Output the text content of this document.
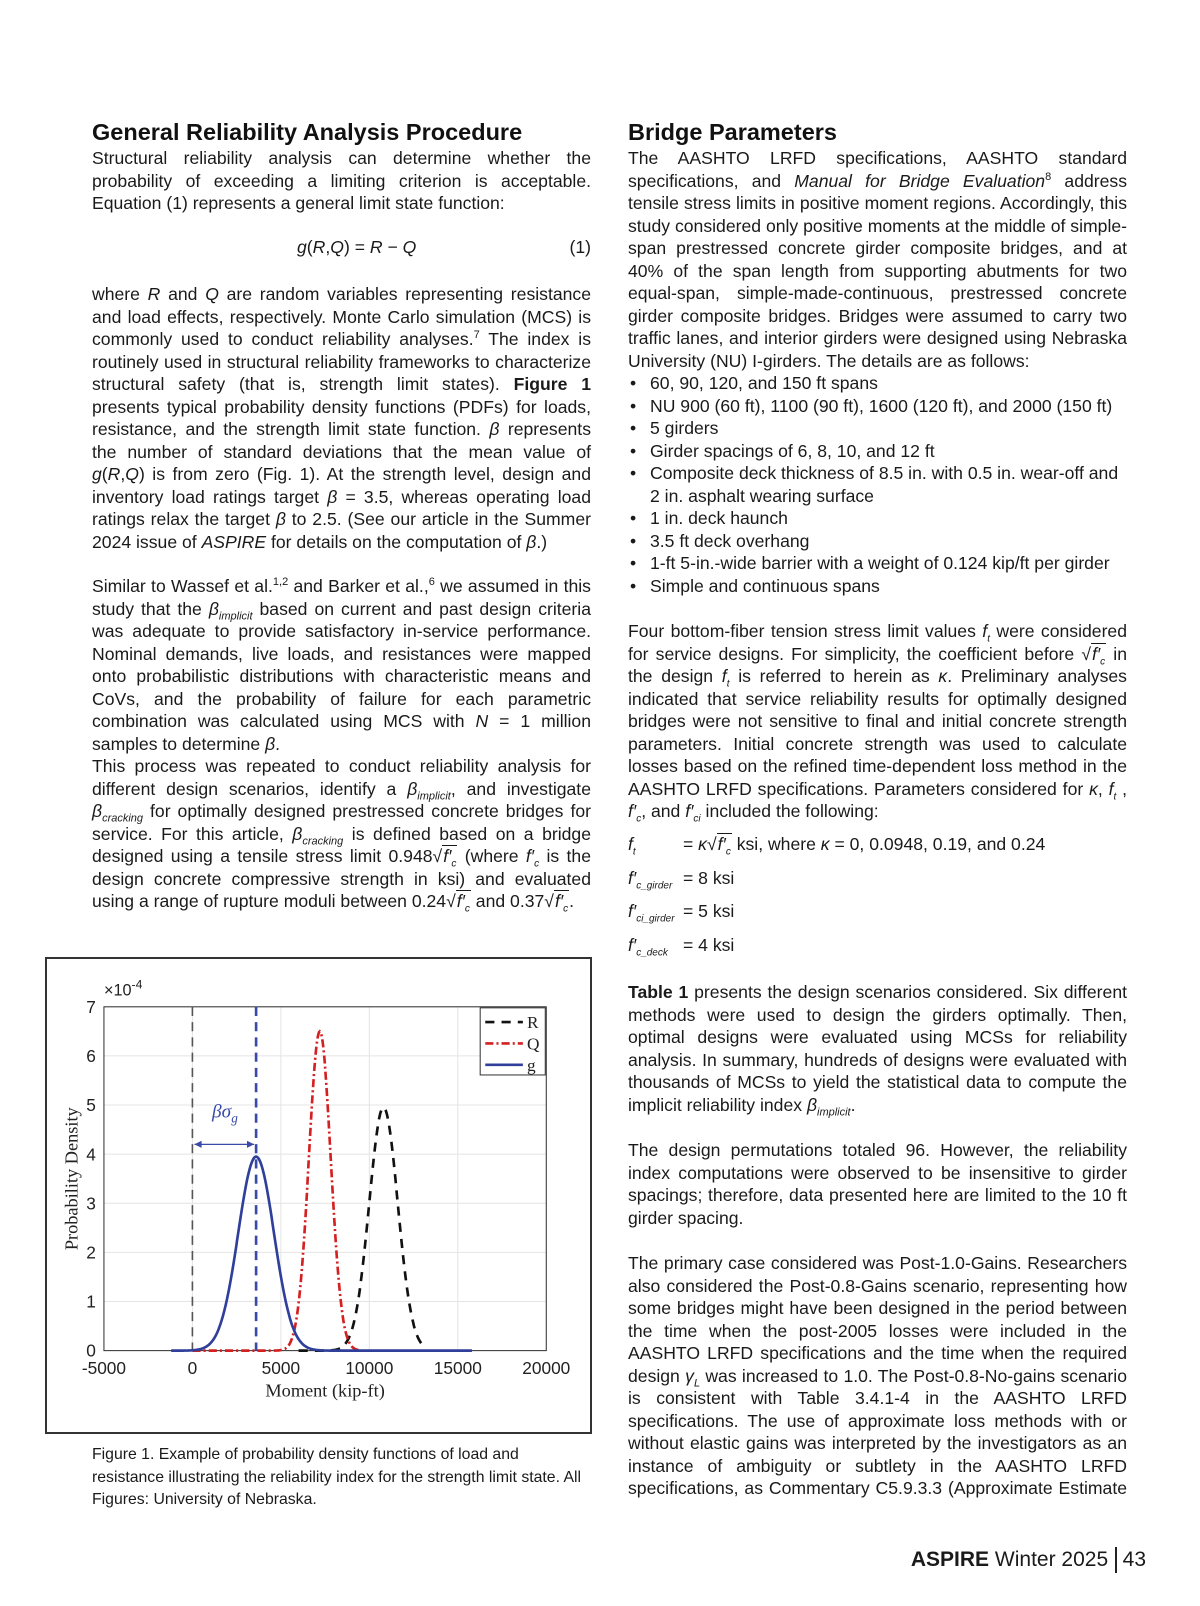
General Reliability Analysis Procedure
Structural reliability analysis can determine whether the probability of exceeding a limiting criterion is acceptable. Equation (1) represents a general limit state function:
g(R,Q) = R − Q	(1)
where R and Q are random variables representing resistance and load effects, respectively. Monte Carlo simulation (MCS) is commonly used to conduct reliability analyses.$^7$ The index is routinely used in structural reliability frameworks to characterize structural safety (that is, strength limit states). Figure 1 presents typical probability density functions (PDFs) for loads, resistance, and the strength limit state function. β represents the number of standard deviations that the mean value of g(R,Q) is from zero (Fig. 1). At the strength level, design and inventory load ratings target β = 3.5, whereas operating load ratings relax the target β to 2.5. (See our article in the Summer 2024 issue of ASPIRE for details on the computation of β.)
Similar to Wassef et al.$^{1,2}$ and Barker et al.,$^6$ we assumed in this study that the $\beta_{implicit}$ based on current and past design criteria was adequate to provide satisfactory in-service performance. Nominal demands, live loads, and resistances were mapped onto probabilistic distributions with characteristic means and CoVs, and the probability of failure for each parametric combination was calculated using MCS with N = 1 million samples to determine β.
This process was repeated to conduct reliability analysis for different design scenarios, identify a $\beta_{implicit}$, and investigate $\beta_{cracking}$ for optimally designed prestressed concrete bridges for service. For this article, $\beta_{cracking}$ is defined based on a bridge designed using a tensile stress limit $0.948√f'_c$ (where $f'_c$ is the design concrete compressive strength in ksi) and evaluated using a range of rupture moduli between $0.24√f'_c$ and $0.37√f'_c$.
-5000	0	5000	10000 15000 20000
0
1
2
3
4
5
6
7
$\times 10^{-4}$
Probability Density
Moment (kip-ft)
$\beta\sigma_g$
R
Q
g
Figure 1. Example of probability density functions of load and resistance illustrating the reliability index for the strength limit state. All Figures: University of Nebraska.
Bridge Parameters
The AASHTO LRFD specifications, AASHTO standard specifications, and Manual for Bridge Evaluation$^8$ address tensile stress limits in positive moment regions. Accordingly, this study considered only positive moments at the middle of simple-span prestressed concrete girder composite bridges, and at 40% of the span length from supporting abutments for two equal-span, simple-made-continuous, prestressed concrete girder composite bridges. Bridges were assumed to carry two traffic lanes, and interior girders were designed using Nebraska University (NU) I-girders. The details are as follows:
• 60, 90, 120, and 150 ft spans
• NU 900 (60 ft), 1100 (90 ft), 1600 (120 ft), and 2000 (150 ft)
• 5 girders
• Girder spacings of 6, 8, 10, and 12 ft
• Composite deck thickness of 8.5 in. with 0.5 in. wear-off and 2 in. asphalt wearing surface
• 1 in. deck haunch
• 3.5 ft deck overhang
• 1-ft 5-in.-wide barrier with a weight of 0.124 kip/ft per girder
• Simple and continuous spans
Four bottom-fiber tension stress limit values $f_t$ were considered for service designs. For simplicity, the coefficient before $√f'_c$ in the design $f_t$ is referred to herein as κ. Preliminary analyses indicated that service reliability results for optimally designed bridges were not sensitive to final and initial concrete strength parameters. Initial concrete strength was used to calculate losses based on the refined time-dependent loss method in the AASHTO LRFD specifications. Parameters considered for κ, $f_t$ , $f'_c$, and $f'_{ci}$ included the following:
$f_t$	= $\kappa√f'_c$ ksi, where κ = 0, 0.0948, 0.19, and 0.24
$f'_{c\_girder} = 8$ ksi
$f'_{ci\_girder} = 5$ ksi
$f'_{c\_deck} = 4$ ksi
Table 1 presents the design scenarios considered. Six different methods were used to design the girders optimally. Then, optimal designs were evaluated using MCSs for reliability analysis. In summary, hundreds of designs were evaluated with thousands of MCSs to yield the statistical data to compute the implicit reliability index $\beta_{implicit}$.
The design permutations totaled 96. However, the reliability index computations were observed to be insensitive to girder spacings; therefore, data presented here are limited to the 10 ft girder spacing.
The primary case considered was Post-1.0-Gains. Researchers also considered the Post-0.8-Gains scenario, representing how some bridges might have been designed in the period between the time when the post-2005 losses were included in the AASHTO LRFD specifications and the time when the required design $\gamma_L$ was increased to 1.0. The Post-0.8-No-gains scenario is consistent with Table 3.4.1-4 in the AASHTO LRFD specifications. The use of approximate loss methods with or without elastic gains was interpreted by the investigators as an instance of ambiguity or subtlety in the AASHTO LRFD specifications, as Commentary C5.9.3.3 (Approximate Estimate
ASPIRE Winter 2025 43
